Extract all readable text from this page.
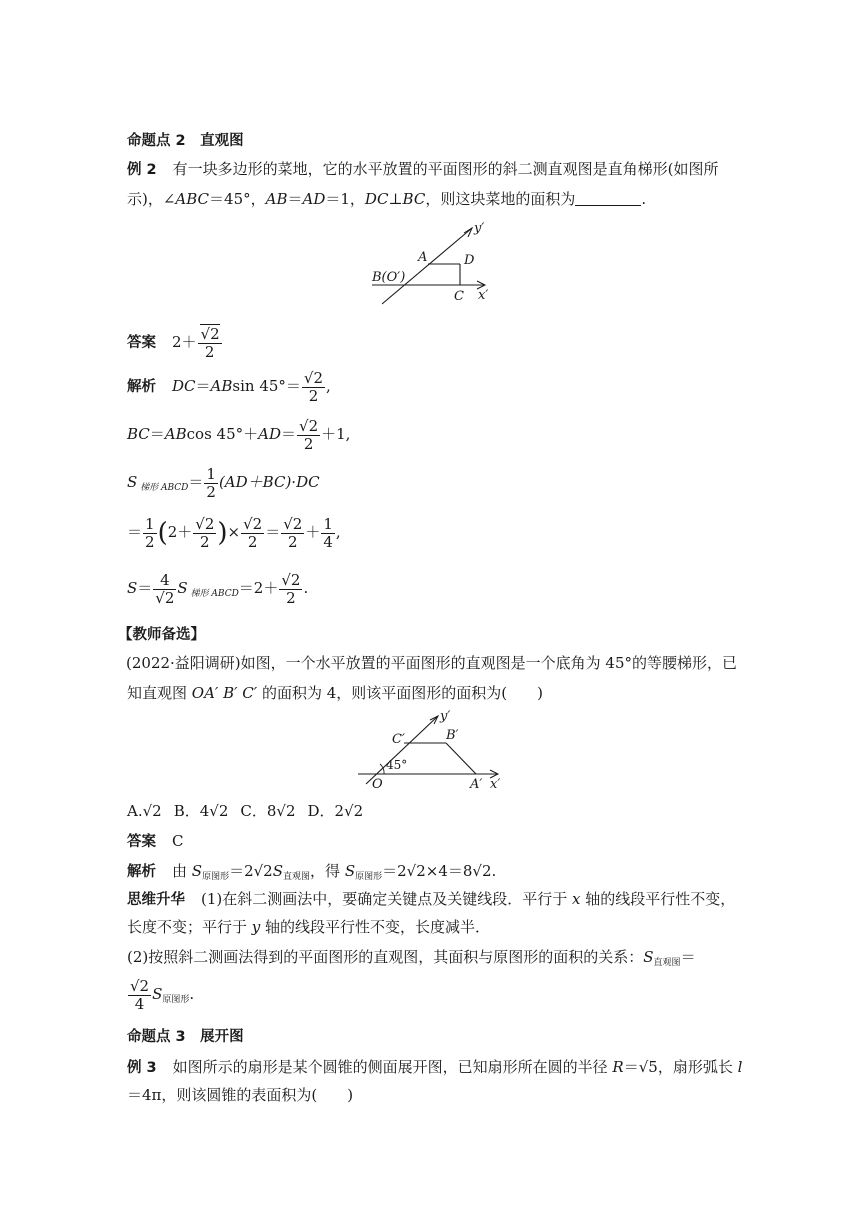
命题点 2　直观图
例 2 有一块多边形的菜地，它的水平放置的平面图形的斜二测直观图是直角梯形(如图所
示)，∠ABC＝45°，AB＝AD＝1，DC⊥BC，则这块菜地的面积为	.
y′
x′
A	D
C
B(O′)
答案 $2+ \frac{√2}{2}$
解析 DC＝ABsin $45^\circ= \frac{√2}{2}$ ,
BC＝ABcos $45^\circ+AD= \frac{√2}{2} +1$,
S $_{梯形 ABCD}= \frac{1}{2} (AD+BC)\cdot DC$
＝ $\frac{1}{2} (2+ \frac{√2}{2}$ )× $\frac{√2}{2} = \frac{√2}{2} + \frac{1}{4}$ ,
$S= \frac{4}{√2}$ S $_{梯形 ABCD}=2+ \frac{√2}{2}$ .
【教师备选】
(2022·益阳调研)如图，一个水平放置的平面图形的直观图是一个底角为 45°的等腰梯形，已
知直观图 OA′ B′ C′ 的面积为 4，则该平面图形的面积为(　　)
y′
x′
C′	B′
O	A′
45°
A.√2 B．4√2 C．8√2 D．2√2
答案 C
解析 由 $S_{原图形}=2√2S_{直观图}$，得 $S_{原图形}=2√2\times 4=8√2$.
思维升华 (1)在斜二测画法中，要确定关键点及关键线段．平行于 x 轴的线段平行性不变，
长度不变；平行于 y 轴的线段平行性不变，长度减半．
(2)按照斜二测画法得到的平面图形的直观图，其面积与原图形的面积的关系：$S_{直观图}=$
$\frac{√2}{4} S_{原图形}$.
命题点 3　展开图
例 3 如图所示的扇形是某个圆锥的侧面展开图，已知扇形所在圆的半径 R＝√5，扇形弧长 l
＝4π，则该圆锥的表面积为(　　)
